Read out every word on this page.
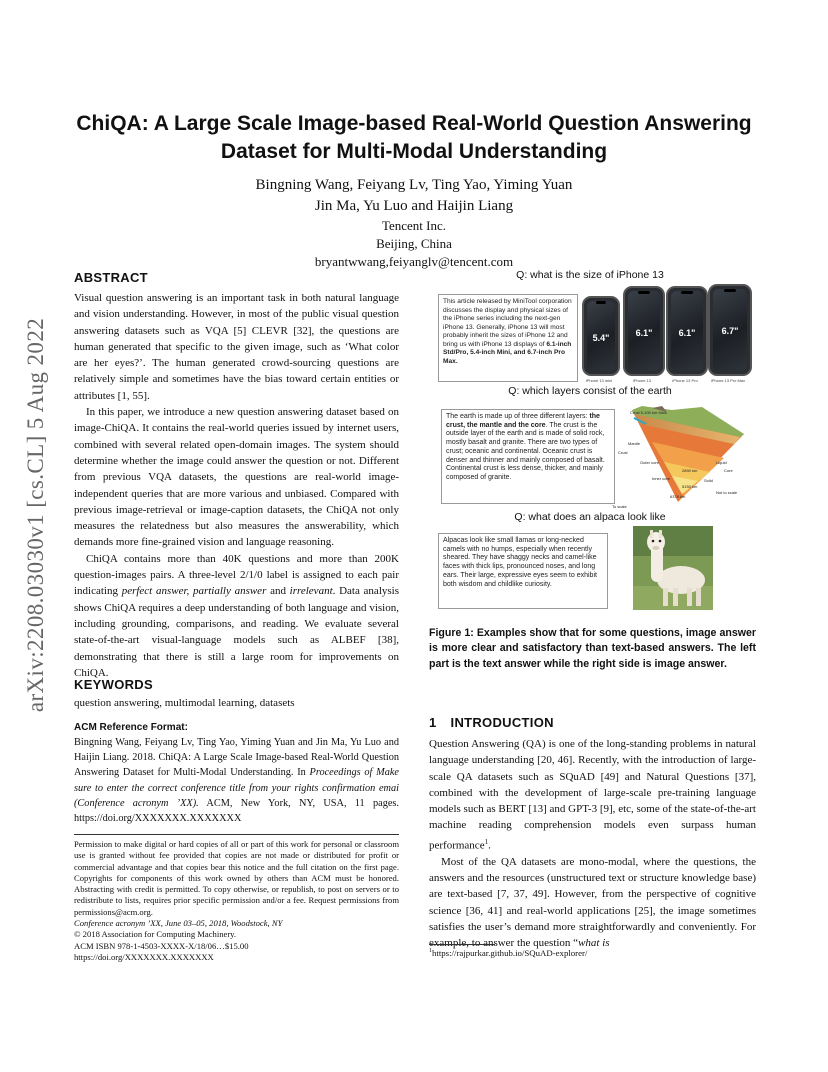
arXiv:2208.03030v1 [cs.CL] 5 Aug 2022
ChiQA: A Large Scale Image-based Real-World Question Answering Dataset for Multi-Modal Understanding
Bingning Wang, Feiyang Lv, Ting Yao, Yiming Yuan
Jin Ma, Yu Luo and Haijin Liang
Tencent Inc.
Beijing, China
bryantwwang,feiyanglv@tencent.com
ABSTRACT

Visual question answering is an important task in both natural language and vision understanding. However, in most of the public visual question answering datasets such as VQA [5] CLEVR [32], the questions are human generated that specific to the given image, such as ‘What color are her eyes?’. The human generated crowd-sourcing questions are relatively simple and sometimes have the bias toward certain entities or attributes [1, 55].

In this paper, we introduce a new question answering dataset based on image-ChiQA. It contains the real-world queries issued by internet users, combined with several related open-domain images. The system should determine whether the image could answer the question or not. Different from previous VQA datasets, the questions are real-world image-independent queries that are more various and unbiased. Compared with previous image-retrieval or image-caption datasets, the ChiQA not only measures the relatedness but also measures the answerability, which demands more fine-grained vision and language reasoning.

ChiQA contains more than 40K questions and more than 200K question-images pairs. A three-level 2/1/0 label is assigned to each pair indicating perfect answer, partially answer and irrelevant. Data analysis shows ChiQA requires a deep understanding of both language and vision, including grounding, comparisons, and reading. We evaluate several state-of-the-art visual-language models such as ALBEF [38], demonstrating that there is still a large room for improvements on ChiQA.

KEYWORDS
question answering, multimodal learning, datasets
ACM Reference Format:
Bingning Wang, Feiyang Lv, Ting Yao, Yiming Yuan and Jin Ma, Yu Luo and Haijin Liang. 2018. ChiQA: A Large Scale Image-based Real-World Question Answering Dataset for Multi-Modal Understanding. In Proceedings of Make sure to enter the correct conference title from your rights confirmation emai (Conference acronym ’XX). ACM, New York, NY, USA, 11 pages. https://doi.org/XXXXXXX.XXXXXXX
Permission to make digital or hard copies of all or part of this work for personal or classroom use is granted without fee provided that copies are not made or distributed for profit or commercial advantage and that copies bear this notice and the full citation on the first page. Copyrights for components of this work owned by others than ACM must be honored. Abstracting with credit is permitted. To copy otherwise, or republish, to post on servers or to redistribute to lists, requires prior specific permission and/or a fee. Request permissions from permissions@acm.org.
Conference acronym ’XX, June 03–05, 2018, Woodstock, NY
© 2018 Association for Computing Machinery.
ACM ISBN 978-1-4503-XXXX-X/18/06…$15.00
https://doi.org/XXXXXXX.XXXXXXX
Q: what is the size of iPhone 13
This article released by MiniTool corporation discusses the display and physical sizes of the iPhone series including the next-gen iPhone 13. Generally, iPhone 13 will most probably inherit the sizes of iPhone 12 and bring us with iPhone 13 displays of 6.1-inch Std/Pro, 5.4-inch Mini, and 6.7-inch Pro Max.
5.4"
6.1"	6.1"	6.7"
iPhone 13 mini	iPhone 13	iPhone 13 Pro	iPhone 13 Pro Max
Q: which layers consist of the earth
The earth is made up of three different layers: the crust, the mantle and the core. The crust is the outside layer of the earth and is made of solid rock, mostly basalt and granite. There are two types of crust; oceanic and continental. Oceanic crust is denser and thinner and mainly composed of basalt. Continental crust is less dense, thicker, and mainly composed of granite.
Crust 5-100 km thick
Mantle
Crust
Outer core
Inner core
Liquid
Core
Solid
6378 km
Not to scale
To scale
2890 km
5150 km
Q: what does an alpaca look like
Alpacas look like small llamas or long-necked camels with no humps, especially when recently sheared. They have shaggy necks and camel-like faces with thick lips, pronounced noses, and long ears. Their large, expressive eyes seem to exhibit both wisdom and childlike curiosity.
Figure 1: Examples show that for some questions, image answer is more clear and satisfactory than text-based answers. The left part is the text answer while the right side is image answer.
1 INTRODUCTION

Question Answering (QA) is one of the long-standing problems in natural language understanding [20, 46]. Recently, with the introduction of large-scale QA datasets such as SQuAD [49] and Natural Questions [37], combined with the development of large-scale pre-training language models such as BERT [13] and GPT-3 [9], etc, some of the state-of-the-art machine reading comprehension models even surpass human performance$^1$.

Most of the QA datasets are mono-modal, where the questions, the answers and the resources (unstructured text or structure knowledge base) are text-based [7, 37, 49]. However, from the perspective of cognitive science [36, 41] and real-world applications [25], the image sometimes satisfies the user’s demand more straightforwardly and conveniently. For example, to answer the question “what is

$^1$https://rajpurkar.github.io/SQuAD-explorer/
